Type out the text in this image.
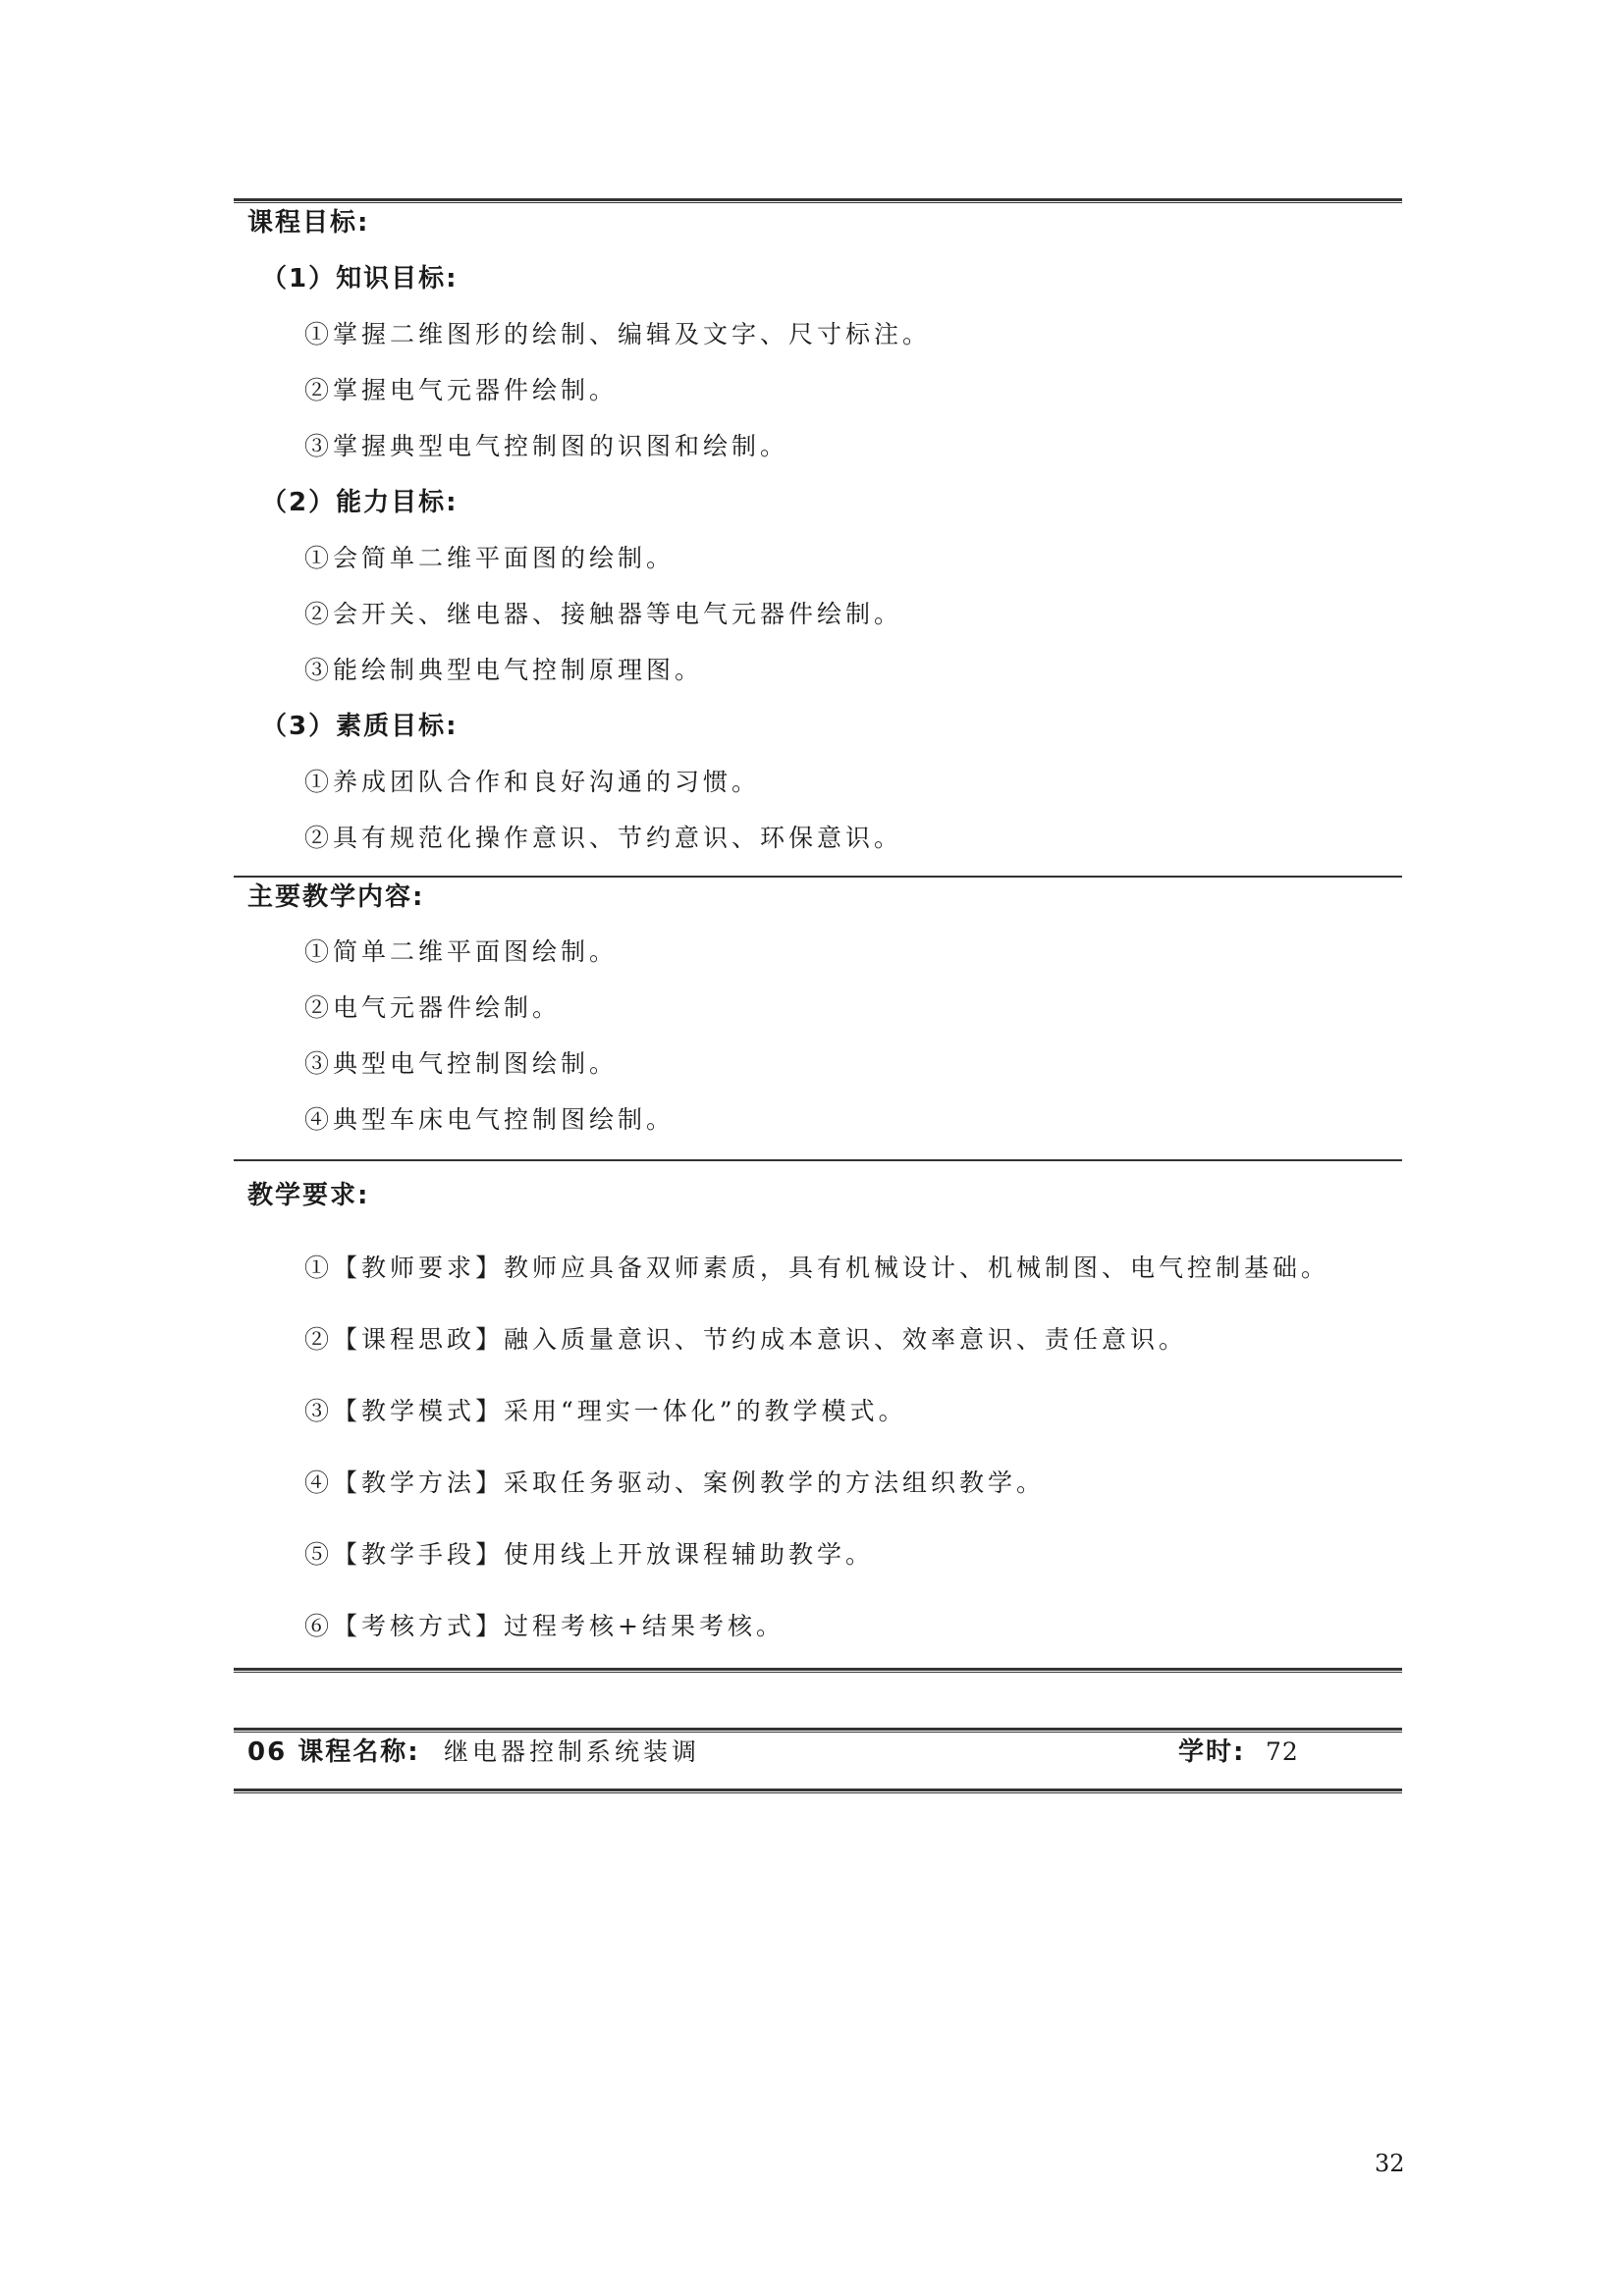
课程目标:
（1）知识目标:
①掌握二维图形的绘制、编辑及文字、尺寸标注。
②掌握电气元器件绘制。
③掌握典型电气控制图的识图和绘制。
（2）能力目标:
①会简单二维平面图的绘制。
②会开关、继电器、接触器等电气元器件绘制。
③能绘制典型电气控制原理图。
（3）素质目标:
①养成团队合作和良好沟通的习惯。
②具有规范化操作意识、节约意识、环保意识。
主要教学内容:
①简单二维平面图绘制。
②电气元器件绘制。
③典型电气控制图绘制。
④典型车床电气控制图绘制。
教学要求:
①【教师要求】教师应具备双师素质，具有机械设计、机械制图、电气控制基础。
②【课程思政】融入质量意识、节约成本意识、效率意识、责任意识。
③【教学模式】采用“理实一体化”的教学模式。
④【教学方法】采取任务驱动、案例教学的方法组织教学。
⑤【教学手段】使用线上开放课程辅助教学。
⑥【考核方式】过程考核+结果考核。
06 课程名称: 继电器控制系统装调	学时: 72
32
